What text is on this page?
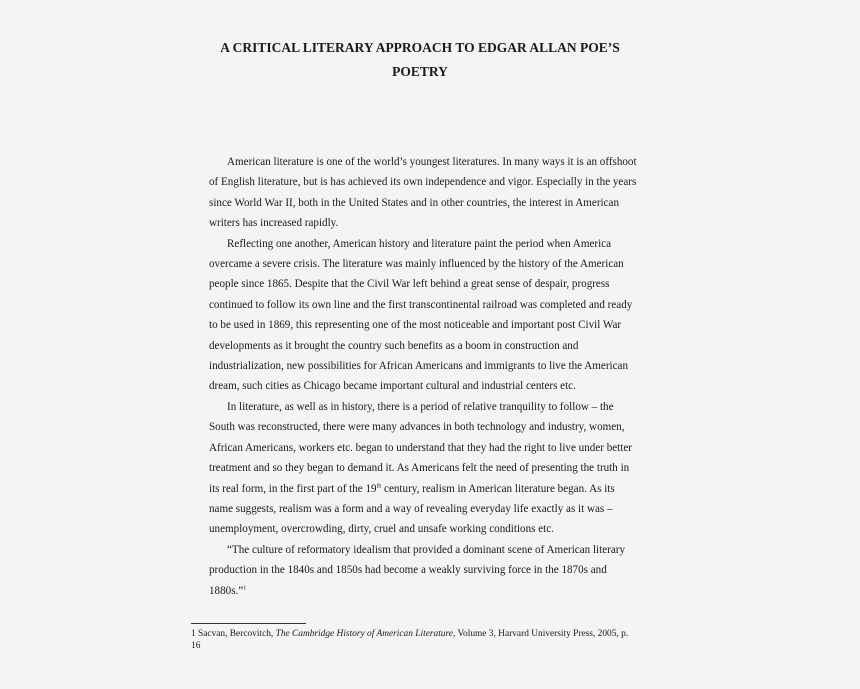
A CRITICAL LITERARY APPROACH TO EDGAR ALLAN POE’S
POETRY
American literature is one of the world’s youngest literatures. In many ways it is an offshoot
of English literature, but is has achieved its own independence and vigor. Especially in the years
since World War II, both in the United States and in other countries, the interest in American
writers has increased rapidly.
Reflecting one another, American history and literature paint the period when America
overcame a severe crisis. The literature was mainly influenced by the history of the American
people since 1865. Despite that the Civil War left behind a great sense of despair, progress
continued to follow its own line and the first transcontinental railroad was completed and ready
to be used in 1869, this representing one of the most noticeable and important post Civil War
developments as it brought the country such benefits as a boom in construction and
industrialization, new possibilities for African Americans and immigrants to live the American
dream, such cities as Chicago became important cultural and industrial centers etc.
In literature, as well as in history, there is a period of relative tranquility to follow – the
South was reconstructed, there were many advances in both technology and industry, women,
African Americans, workers etc. began to understand that they had the right to live under better
treatment and so they began to demand it. As Americans felt the need of presenting the truth in
its real form, in the first part of the 19th century, realism in American literature began. As its
name suggests, realism was a form and a way of revealing everyday life exactly as it was –
unemployment, overcrowding, dirty, cruel and unsafe working conditions etc.
“The culture of reformatory idealism that provided a dominant scene of American literary
production in the 1840s and 1850s had become a weakly surviving force in the 1870s and
1880s.”$^1$
1 Sacvan, Bercovitch, The Cambridge History of American Literature, Volume 3, Harvard University Press, 2005, p.
16
